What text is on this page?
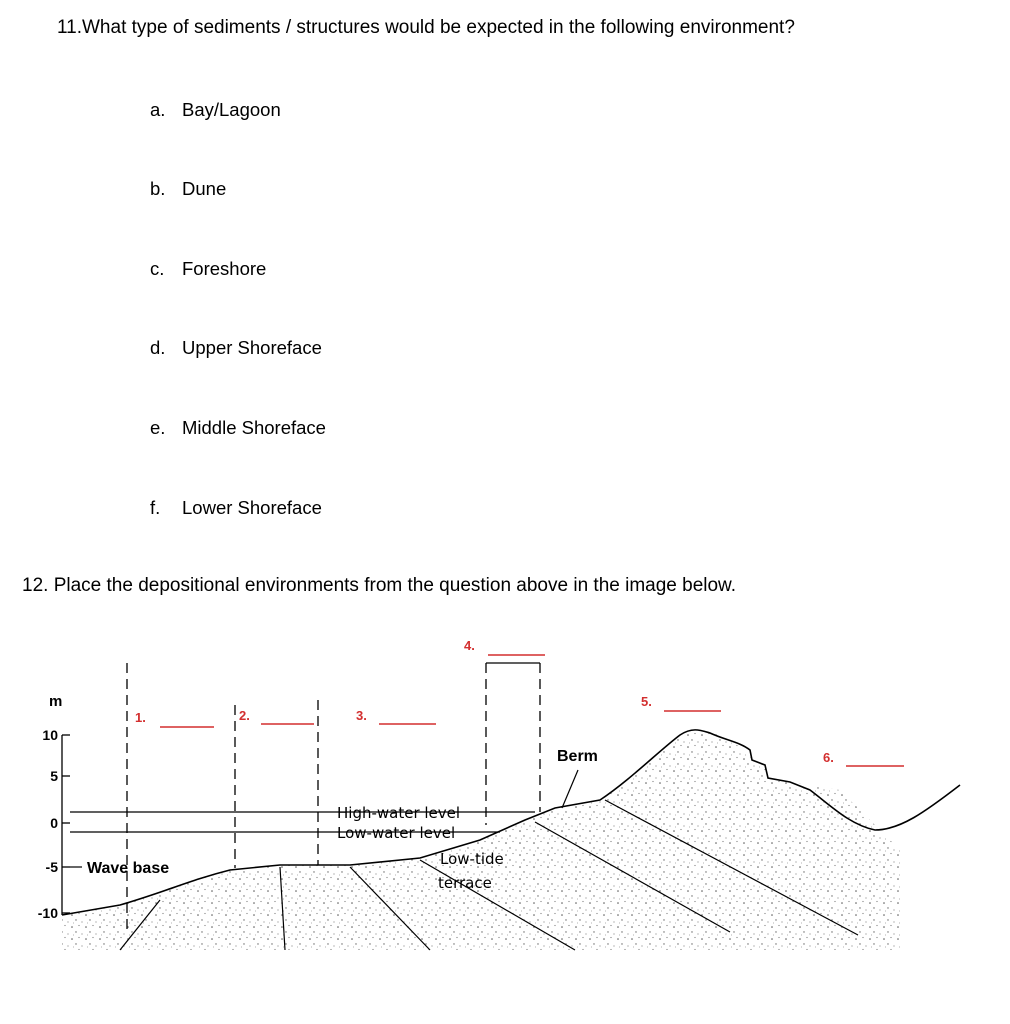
11.What type of sediments / structures would be expected in the following environment?
a. Bay/Lagoon
b. Dune
c. Foreshore
d. Upper Shoreface
e. Middle Shoreface
f. Lower Shoreface
12. Place the depositional environments from the question above in the image below.
m
10
5
0
-5
-10
Wave base
High-water level
Low-water level
Low-tide
terrace
Berm
1.	2.	3.
4.
5.
6.
